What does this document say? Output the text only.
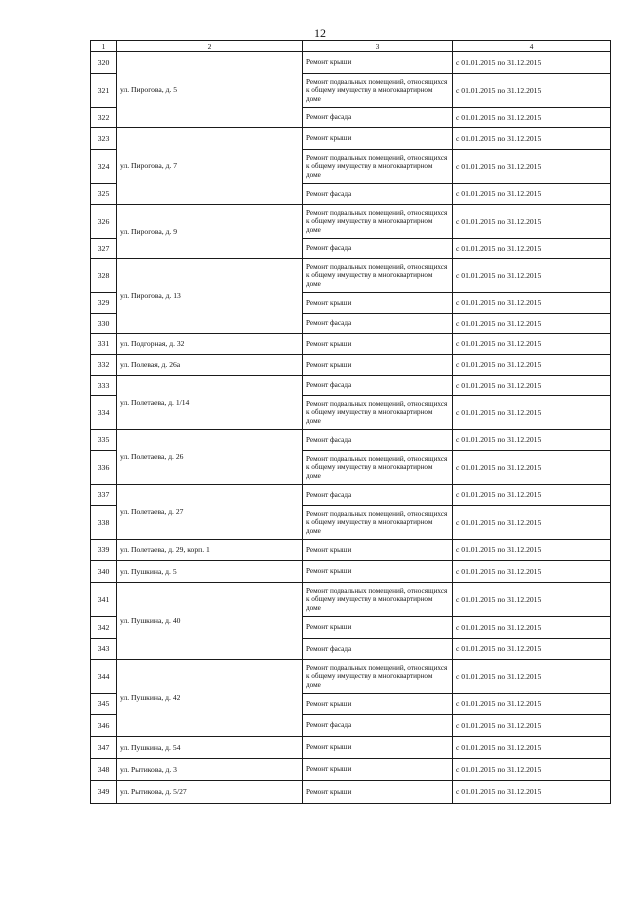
12
1	2	3	4
320	ул. Пирогова, д. 5	Ремонт крыши	с 01.01.2015 по 31.12.2015
321		Ремонт подвальных помещений, относящихся к общему имуществу в многоквартирном доме	с 01.01.2015 по 31.12.2015
322		Ремонт фасада	с 01.01.2015 по 31.12.2015
323	ул. Пирогова, д. 7	Ремонт крыши	с 01.01.2015 по 31.12.2015
324		Ремонт подвальных помещений, относящихся к общему имуществу в многоквартирном доме	с 01.01.2015 по 31.12.2015
325		Ремонт фасада	с 01.01.2015 по 31.12.2015
326	ул. Пирогова, д. 9	Ремонт подвальных помещений, относящихся к общему имуществу в многоквартирном доме	с 01.01.2015 по 31.12.2015
327		Ремонт фасада	с 01.01.2015 по 31.12.2015
328	ул. Пирогова, д. 13	Ремонт подвальных помещений, относящихся к общему имуществу в многоквартирном доме	с 01.01.2015 по 31.12.2015
329		Ремонт крыши	с 01.01.2015 по 31.12.2015
330		Ремонт фасада	с 01.01.2015 по 31.12.2015
331	ул. Подгорная, д. 32	Ремонт крыши	с 01.01.2015 по 31.12.2015
332	ул. Полевая, д. 26а	Ремонт крыши	с 01.01.2015 по 31.12.2015
333	ул. Полетаева, д. 1/14	Ремонт фасада	с 01.01.2015 по 31.12.2015
334		Ремонт подвальных помещений, относящихся к общему имуществу в многоквартирном доме	с 01.01.2015 по 31.12.2015
335	ул. Полетаева, д. 26	Ремонт фасада	с 01.01.2015 по 31.12.2015
336		Ремонт подвальных помещений, относящихся к общему имуществу в многоквартирном доме	с 01.01.2015 по 31.12.2015
337	ул. Полетаева, д. 27	Ремонт фасада	с 01.01.2015 по 31.12.2015
338		Ремонт подвальных помещений, относящихся к общему имуществу в многоквартирном доме	с 01.01.2015 по 31.12.2015
339	ул. Полетаева, д. 29, корп. 1	Ремонт крыши	с 01.01.2015 по 31.12.2015
340	ул. Пушкина, д. 5	Ремонт крыши	с 01.01.2015 по 31.12.2015
341	ул. Пушкина, д. 40	Ремонт подвальных помещений, относящихся к общему имуществу в многоквартирном доме	с 01.01.2015 по 31.12.2015
342		Ремонт крыши	с 01.01.2015 по 31.12.2015
343		Ремонт фасада	с 01.01.2015 по 31.12.2015
344	ул. Пушкина, д. 42	Ремонт подвальных помещений, относящихся к общему имуществу в многоквартирном доме	с 01.01.2015 по 31.12.2015
345		Ремонт крыши	с 01.01.2015 по 31.12.2015
346		Ремонт фасада	с 01.01.2015 по 31.12.2015
347	ул. Пушкина, д. 54	Ремонт крыши	с 01.01.2015 по 31.12.2015
348	ул. Рытикова, д. 3	Ремонт крыши	с 01.01.2015 по 31.12.2015
349	ул. Рытикова, д. 5/27	Ремонт крыши	с 01.01.2015 по 31.12.2015
